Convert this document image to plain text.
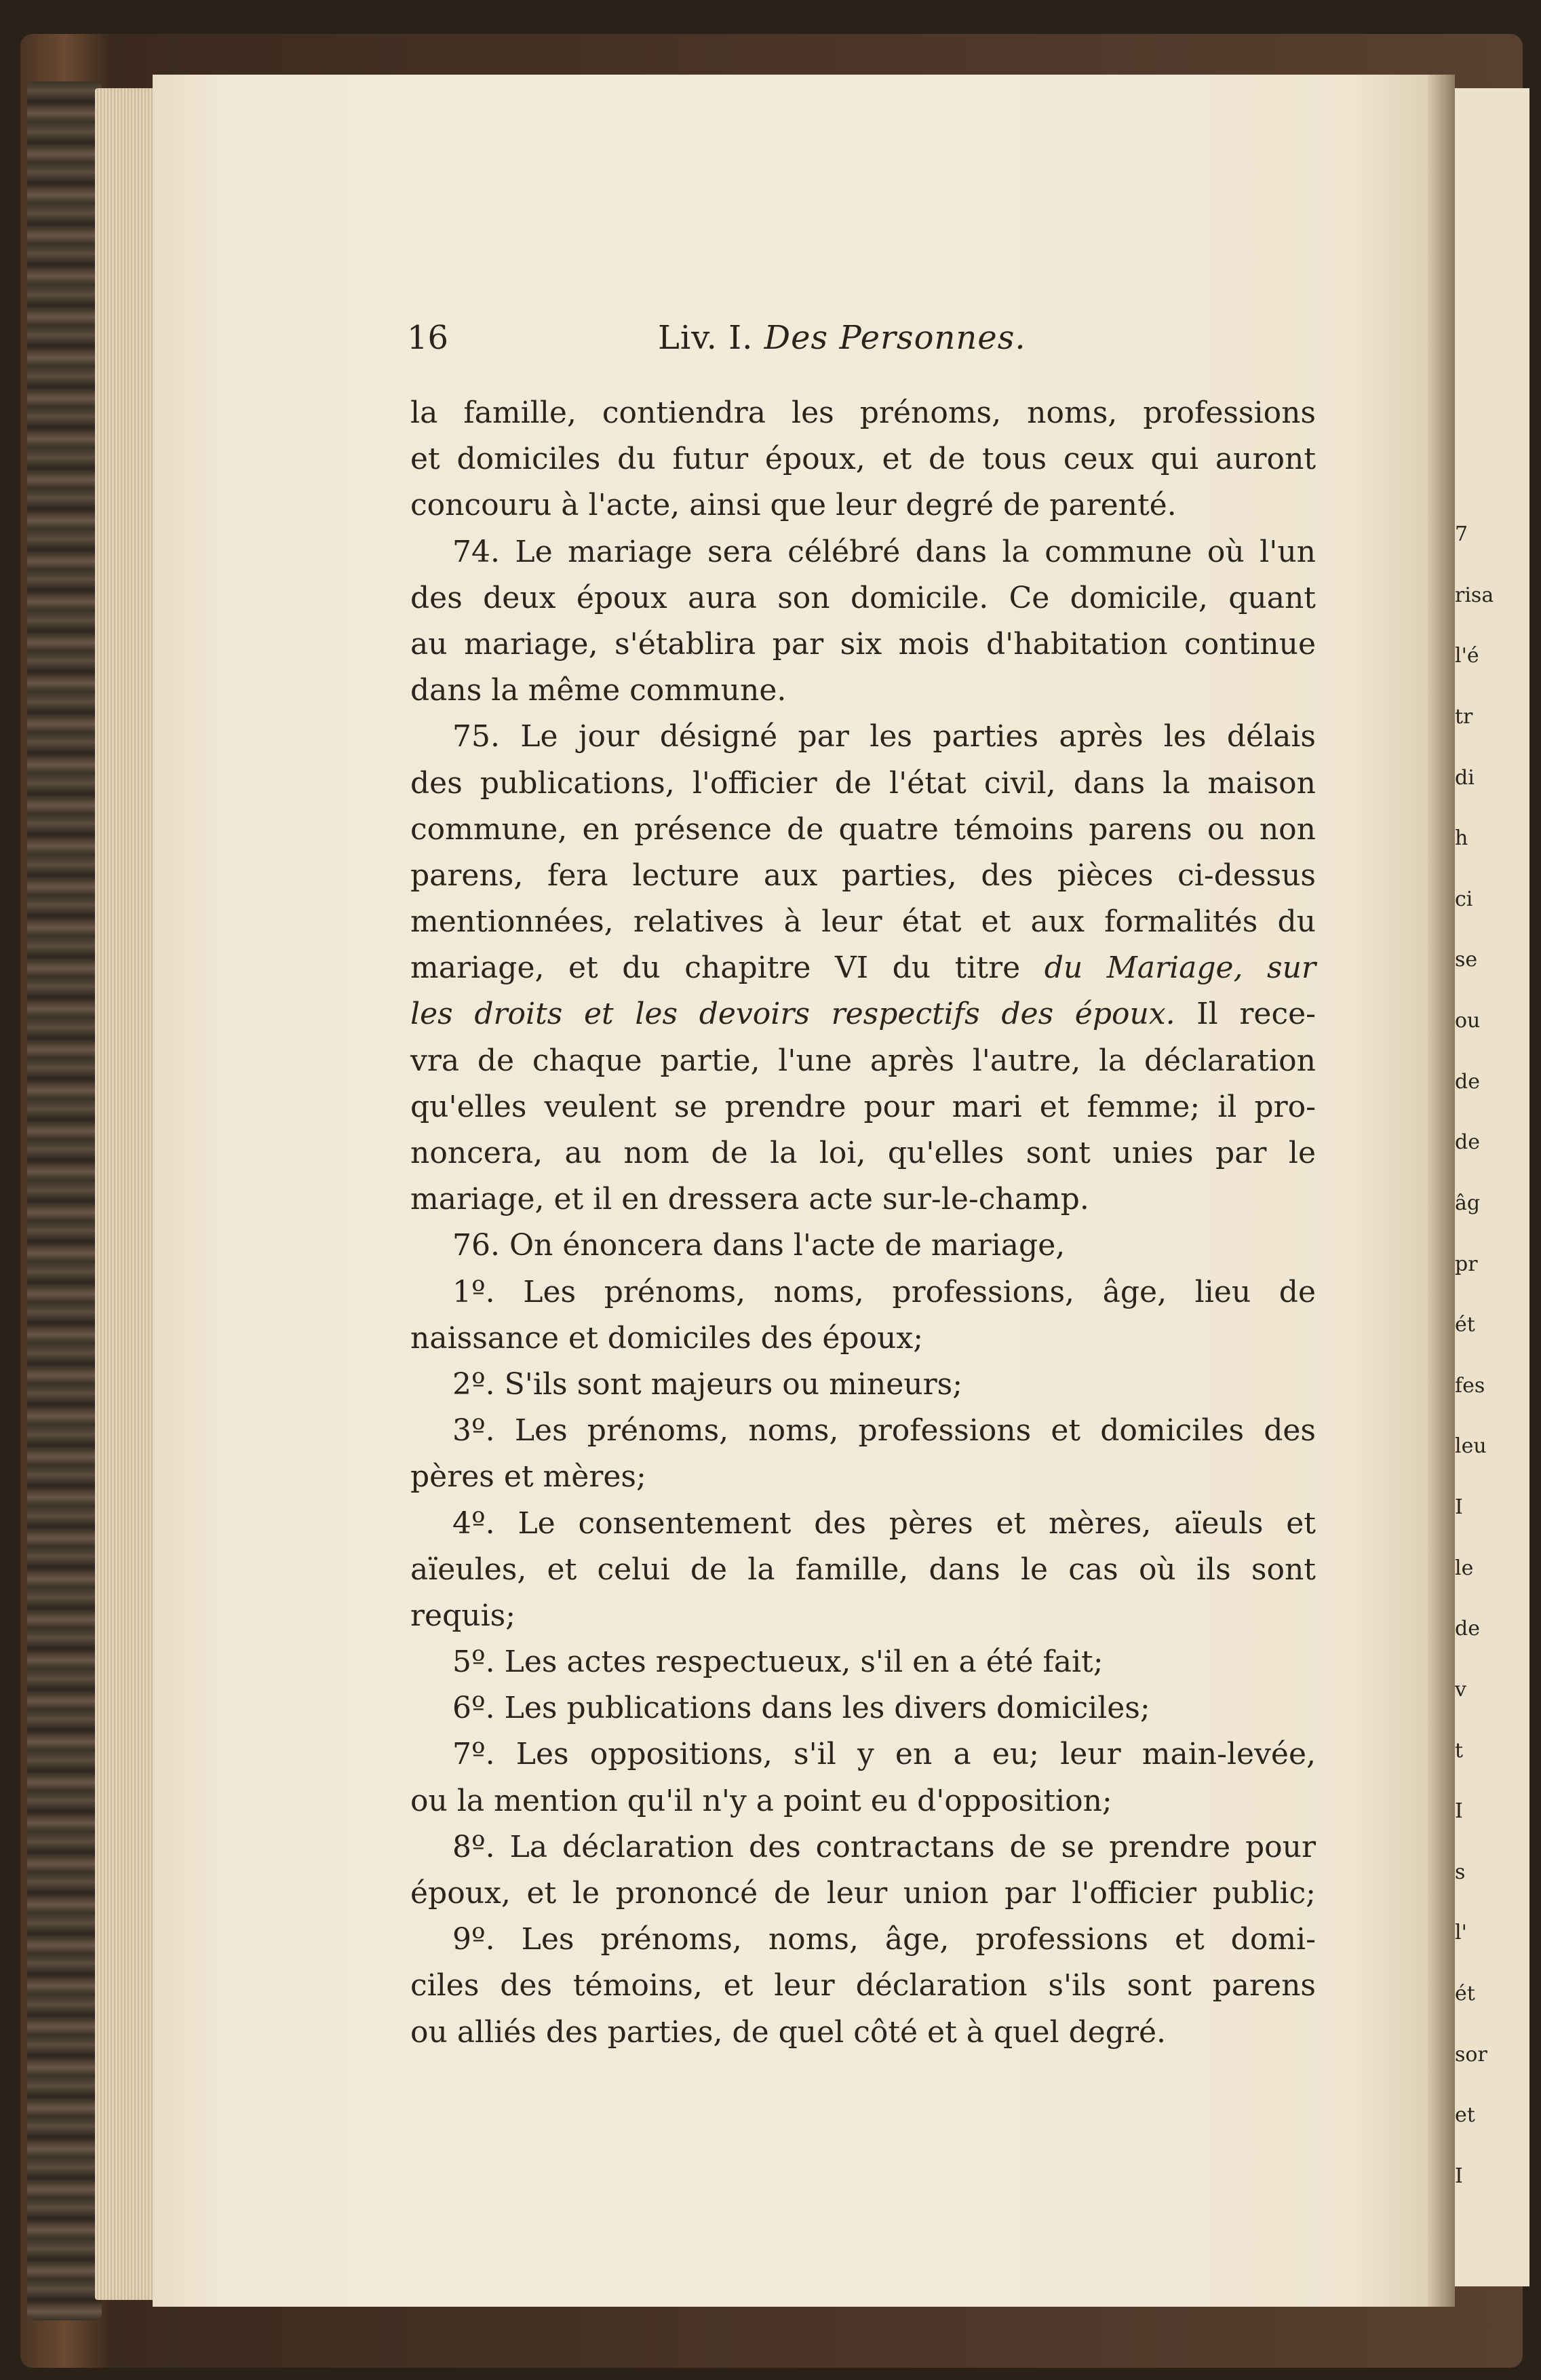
7
risa
l'é
tr
di
h
ci
se
ou
de
de
âg
pr
ét
fes
leu
I
le
de
v
t
I
s
l'
ét
sor
et
I
16	Liv. I. Des Personnes.
la famille, contiendra les prénoms, noms, professions
et domiciles du futur époux, et de tous ceux qui auront
concouru à l'acte, ainsi que leur degré de parenté.
74. Le mariage sera célébré dans la commune où l'un
des deux époux aura son domicile. Ce domicile, quant
au mariage, s'établira par six mois d'habitation continue
dans la même commune.
75. Le jour désigné par les parties après les délais
des publications, l'officier de l'état civil, dans la maison
commune, en présence de quatre témoins parens ou non
parens, fera lecture aux parties, des pièces ci-dessus
mentionnées, relatives à leur état et aux formalités du
mariage, et du chapitre VI du titre du Mariage, sur
les droits et les devoirs respectifs des époux. Il rece-
vra de chaque partie, l'une après l'autre, la déclaration
qu'elles veulent se prendre pour mari et femme; il pro-
noncera, au nom de la loi, qu'elles sont unies par le
mariage, et il en dressera acte sur-le-champ.
76. On énoncera dans l'acte de mariage,
1º. Les prénoms, noms, professions, âge, lieu de
naissance et domiciles des époux;
2º. S'ils sont majeurs ou mineurs;
3º. Les prénoms, noms, professions et domiciles des
pères et mères;
4º. Le consentement des pères et mères, aïeuls et
aïeules, et celui de la famille, dans le cas où ils sont
requis;
5º. Les actes respectueux, s'il en a été fait;
6º. Les publications dans les divers domiciles;
7º. Les oppositions, s'il y en a eu; leur main-levée,
ou la mention qu'il n'y a point eu d'opposition;
8º. La déclaration des contractans de se prendre pour
époux, et le prononcé de leur union par l'officier public;
9º. Les prénoms, noms, âge, professions et domi-
ciles des témoins, et leur déclaration s'ils sont parens
ou alliés des parties, de quel côté et à quel degré.
